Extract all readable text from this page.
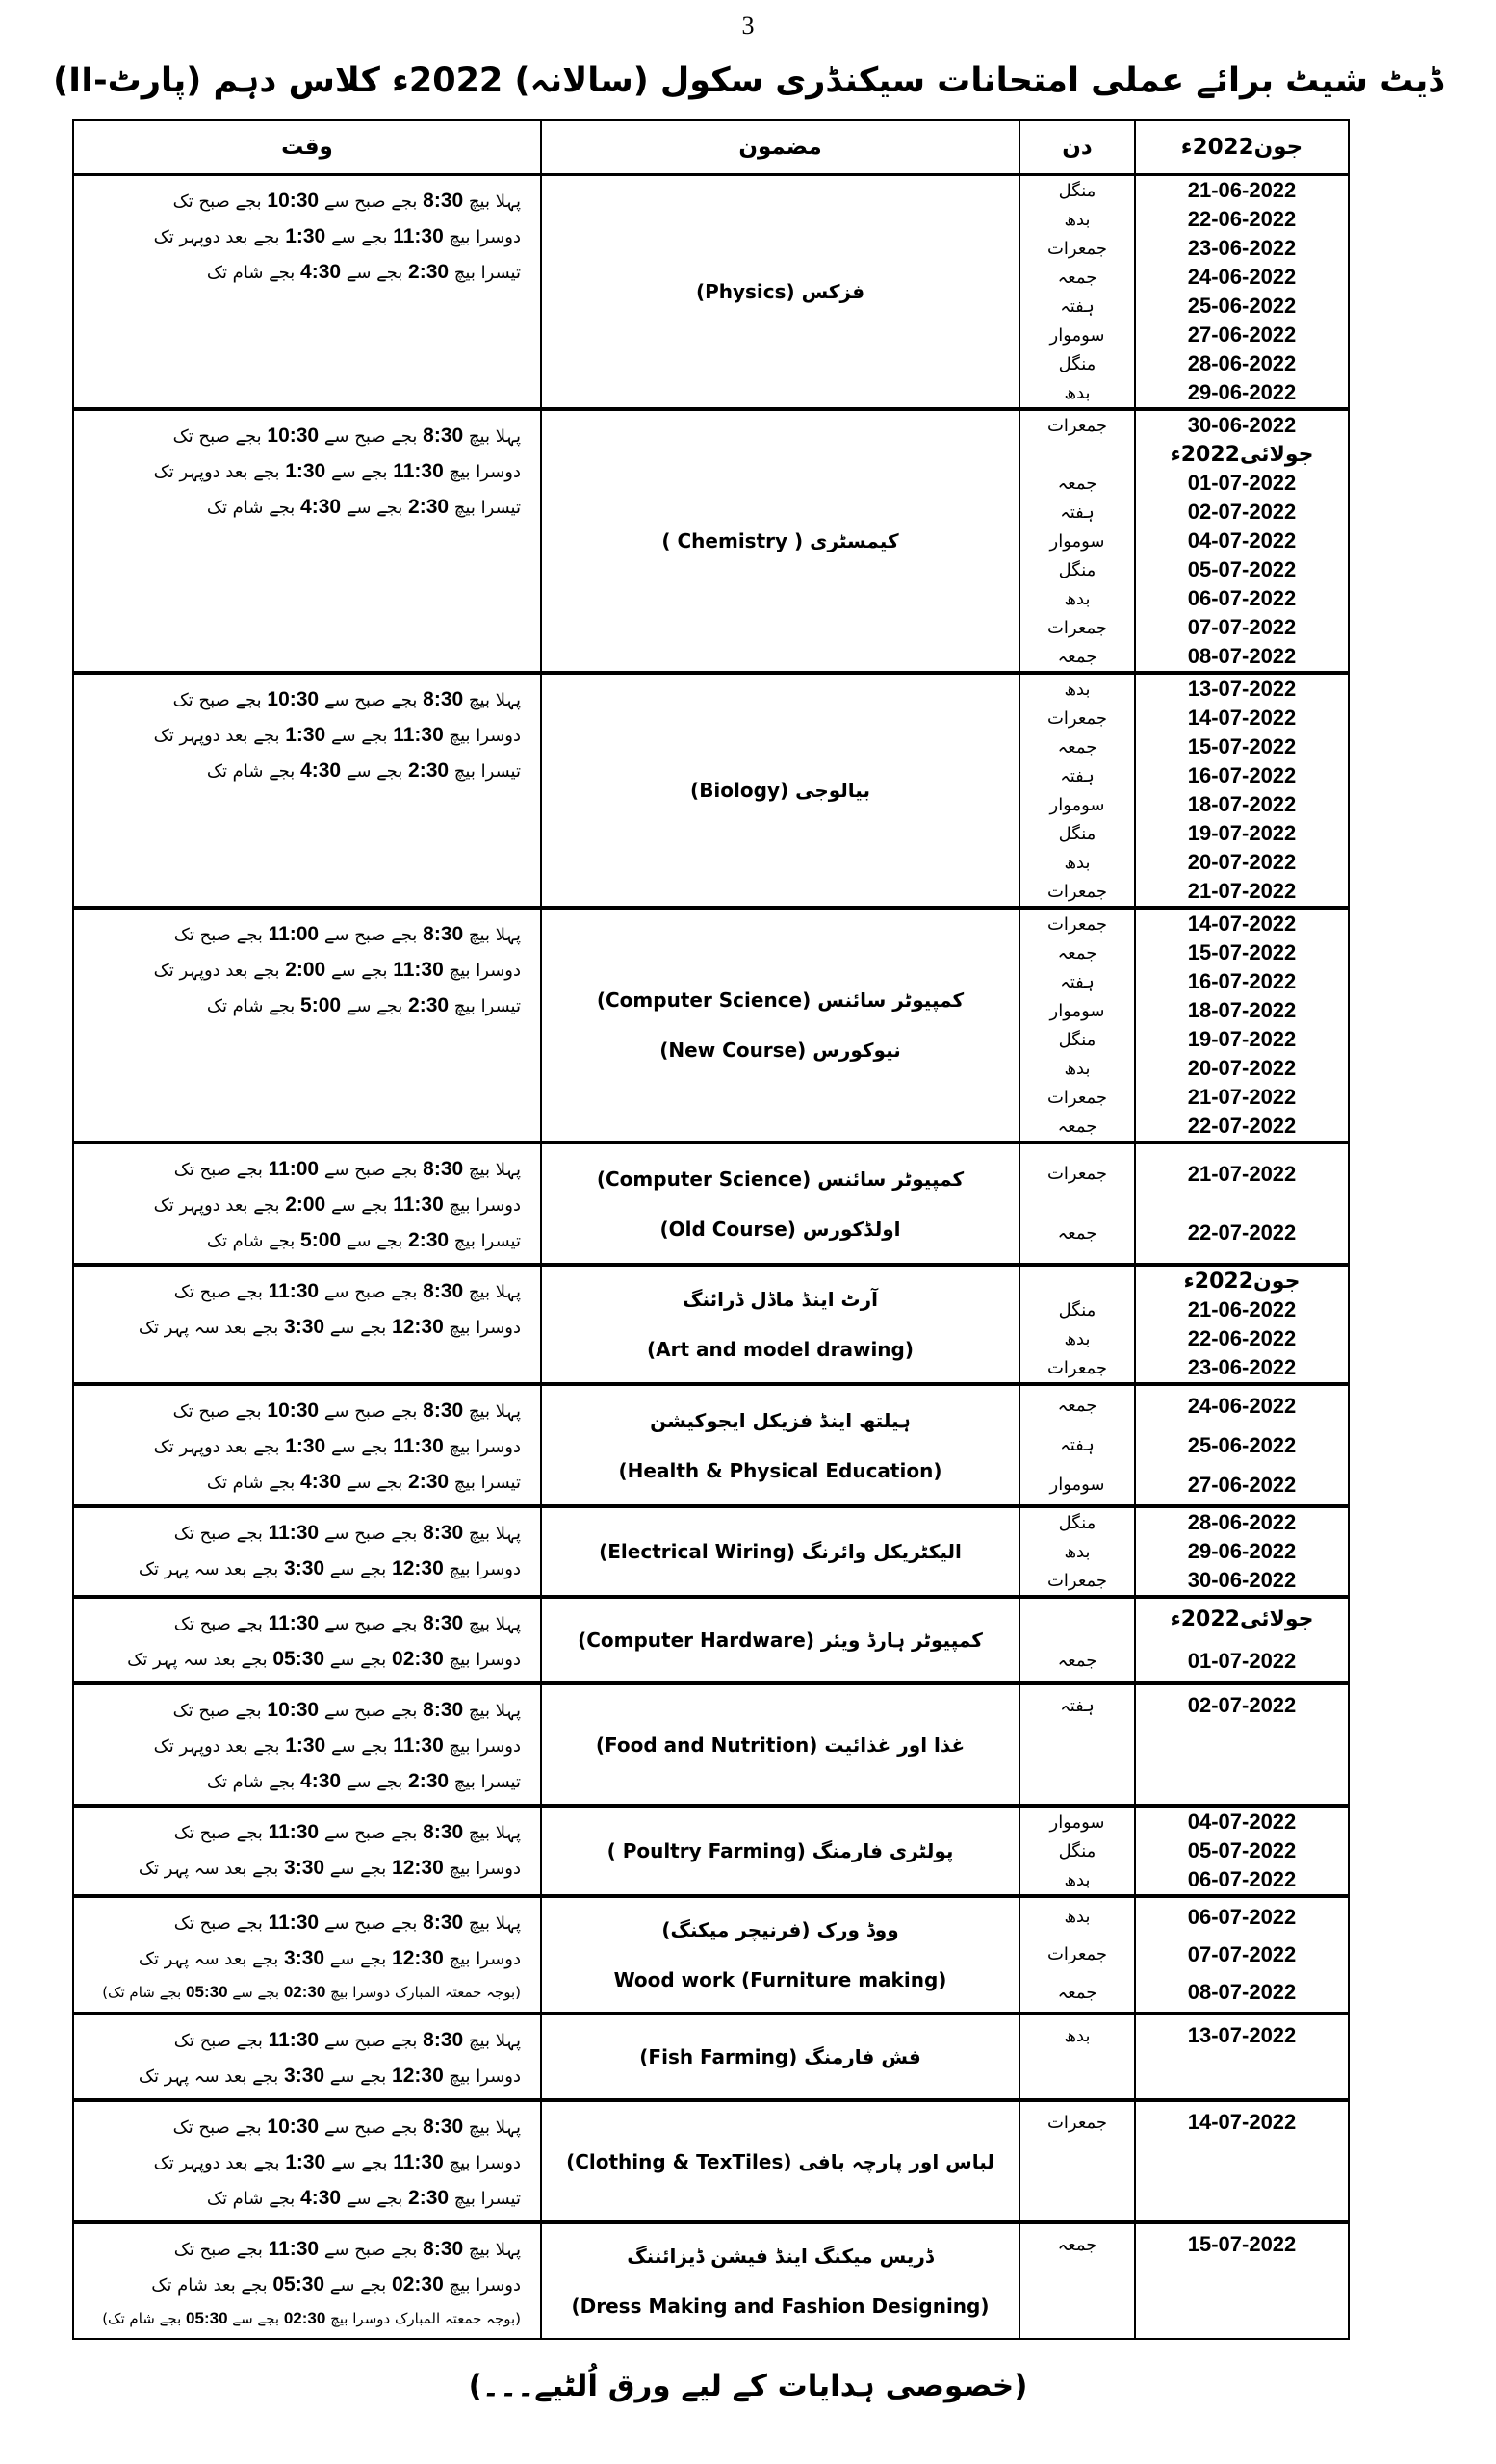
3
ڈیٹ شیٹ برائے عملی امتحانات سیکنڈری سکول (سالانہ) 2022ء کلاس دہم (پارٹ-II)
جون2022ء
دن
مضمون
وقت
21-06-2022
22-06-2022
23-06-2022
24-06-2022
25-06-2022
27-06-2022
28-06-2022
29-06-2022
منگل
بدھ
جمعرات
جمعہ
ہفتہ
سوموار
منگل
بدھ
فزکس (Physics)
پہلا بیچ 8:30 بجے صبح سے 10:30 بجے صبح تک
دوسرا بیچ 11:30 بجے سے 1:30 بجے بعد دوپہر تک
تیسرا بیچ 2:30 بجے سے 4:30 بجے شام تک
30-06-2022
جولائی2022ء
01-07-2022
02-07-2022
04-07-2022
05-07-2022
06-07-2022
07-07-2022
08-07-2022
جمعرات
جمعہ
ہفتہ
سوموار
منگل
بدھ
جمعرات
جمعہ
کیمسٹری ( Chemistry )
پہلا بیچ 8:30 بجے صبح سے 10:30 بجے صبح تک
دوسرا بیچ 11:30 بجے سے 1:30 بجے بعد دوپہر تک
تیسرا بیچ 2:30 بجے سے 4:30 بجے شام تک
13-07-2022
14-07-2022
15-07-2022
16-07-2022
18-07-2022
19-07-2022
20-07-2022
21-07-2022
بدھ
جمعرات
جمعہ
ہفتہ
سوموار
منگل
بدھ
جمعرات
بیالوجی (Biology)
پہلا بیچ 8:30 بجے صبح سے 10:30 بجے صبح تک
دوسرا بیچ 11:30 بجے سے 1:30 بجے بعد دوپہر تک
تیسرا بیچ 2:30 بجے سے 4:30 بجے شام تک
14-07-2022
15-07-2022
16-07-2022
18-07-2022
19-07-2022
20-07-2022
21-07-2022
22-07-2022
جمعرات
جمعہ
ہفتہ
سوموار
منگل
بدھ
جمعرات
جمعہ
کمپیوٹر سائنس (Computer Science)
نیوکورس (New Course)
پہلا بیچ 8:30 بجے صبح سے 11:00 بجے صبح تک
دوسرا بیچ 11:30 بجے سے 2:00 بجے بعد دوپہر تک
تیسرا بیچ 2:30 بجے سے 5:00 بجے شام تک
21-07-2022
22-07-2022
جمعرات
جمعہ
کمپیوٹر سائنس (Computer Science)
اولڈکورس (Old Course)
پہلا بیچ 8:30 بجے صبح سے 11:00 بجے صبح تک
دوسرا بیچ 11:30 بجے سے 2:00 بجے بعد دوپہر تک
تیسرا بیچ 2:30 بجے سے 5:00 بجے شام تک
جون2022ء
21-06-2022
22-06-2022
23-06-2022
منگل
بدھ
جمعرات
آرٹ اینڈ ماڈل ڈرائنگ
(Art and model drawing)
پہلا بیچ 8:30 بجے صبح سے 11:30 بجے صبح تک
دوسرا بیچ 12:30 بجے سے 3:30 بجے بعد سہ پہر تک
24-06-2022
25-06-2022
27-06-2022
جمعہ
ہفتہ
سوموار
ہیلتھ اینڈ فزیکل ایجوکیشن
(Health & Physical Education)
پہلا بیچ 8:30 بجے صبح سے 10:30 بجے صبح تک
دوسرا بیچ 11:30 بجے سے 1:30 بجے بعد دوپہر تک
تیسرا بیچ 2:30 بجے سے 4:30 بجے شام تک
28-06-2022
29-06-2022
30-06-2022
منگل
بدھ
جمعرات
الیکٹریکل وائرنگ (Electrical Wiring)
پہلا بیچ 8:30 بجے صبح سے 11:30 بجے صبح تک
دوسرا بیچ 12:30 بجے سے 3:30 بجے بعد سہ پہر تک
جولائی2022ء
01-07-2022
جمعہ
کمپیوٹر ہارڈ ویئر (Computer Hardware)
پہلا بیچ 8:30 بجے صبح سے 11:30 بجے صبح تک
دوسرا بیچ 02:30 بجے سے 05:30 بجے بعد سہ پہر تک
02-07-2022
ہفتہ
غذا اور غذائیت (Food and Nutrition)
پہلا بیچ 8:30 بجے صبح سے 10:30 بجے صبح تک
دوسرا بیچ 11:30 بجے سے 1:30 بجے بعد دوپہر تک
تیسرا بیچ 2:30 بجے سے 4:30 بجے شام تک
04-07-2022
05-07-2022
06-07-2022
سوموار
منگل
بدھ
پولٹری فارمنگ (Poultry Farming )
پہلا بیچ 8:30 بجے صبح سے 11:30 بجے صبح تک
دوسرا بیچ 12:30 بجے سے 3:30 بجے بعد سہ پہر تک
06-07-2022
07-07-2022
08-07-2022
بدھ
جمعرات
جمعہ
ووڈ ورک (فرنیچر میکنگ)
Wood work (Furniture making)
پہلا بیچ 8:30 بجے صبح سے 11:30 بجے صبح تک
دوسرا بیچ 12:30 بجے سے 3:30 بجے بعد سہ پہر تک
(بوجہ جمعتہ المبارک دوسرا بیچ 02:30 بجے سے 05:30 بجے شام تک)
13-07-2022
بدھ
فش فارمنگ (Fish Farming)
پہلا بیچ 8:30 بجے صبح سے 11:30 بجے صبح تک
دوسرا بیچ 12:30 بجے سے 3:30 بجے بعد سہ پہر تک
14-07-2022
جمعرات
لباس اور پارچہ بافی (Clothing & TexTiles)
پہلا بیچ 8:30 بجے صبح سے 10:30 بجے صبح تک
دوسرا بیچ 11:30 بجے سے 1:30 بجے بعد دوپہر تک
تیسرا بیچ 2:30 بجے سے 4:30 بجے شام تک
15-07-2022
جمعہ
ڈریس میکنگ اینڈ فیشن ڈیزائننگ
(Dress Making and Fashion Designing)
پہلا بیچ 8:30 بجے صبح سے 11:30 بجے صبح تک
دوسرا بیچ 02:30 بجے سے 05:30 بجے بعد شام تک
(بوجہ جمعتہ المبارک دوسرا بیچ 02:30 بجے سے 05:30 بجے شام تک)
(خصوصی ہدایات کے لیے ورق اُلٹیے۔۔۔)
